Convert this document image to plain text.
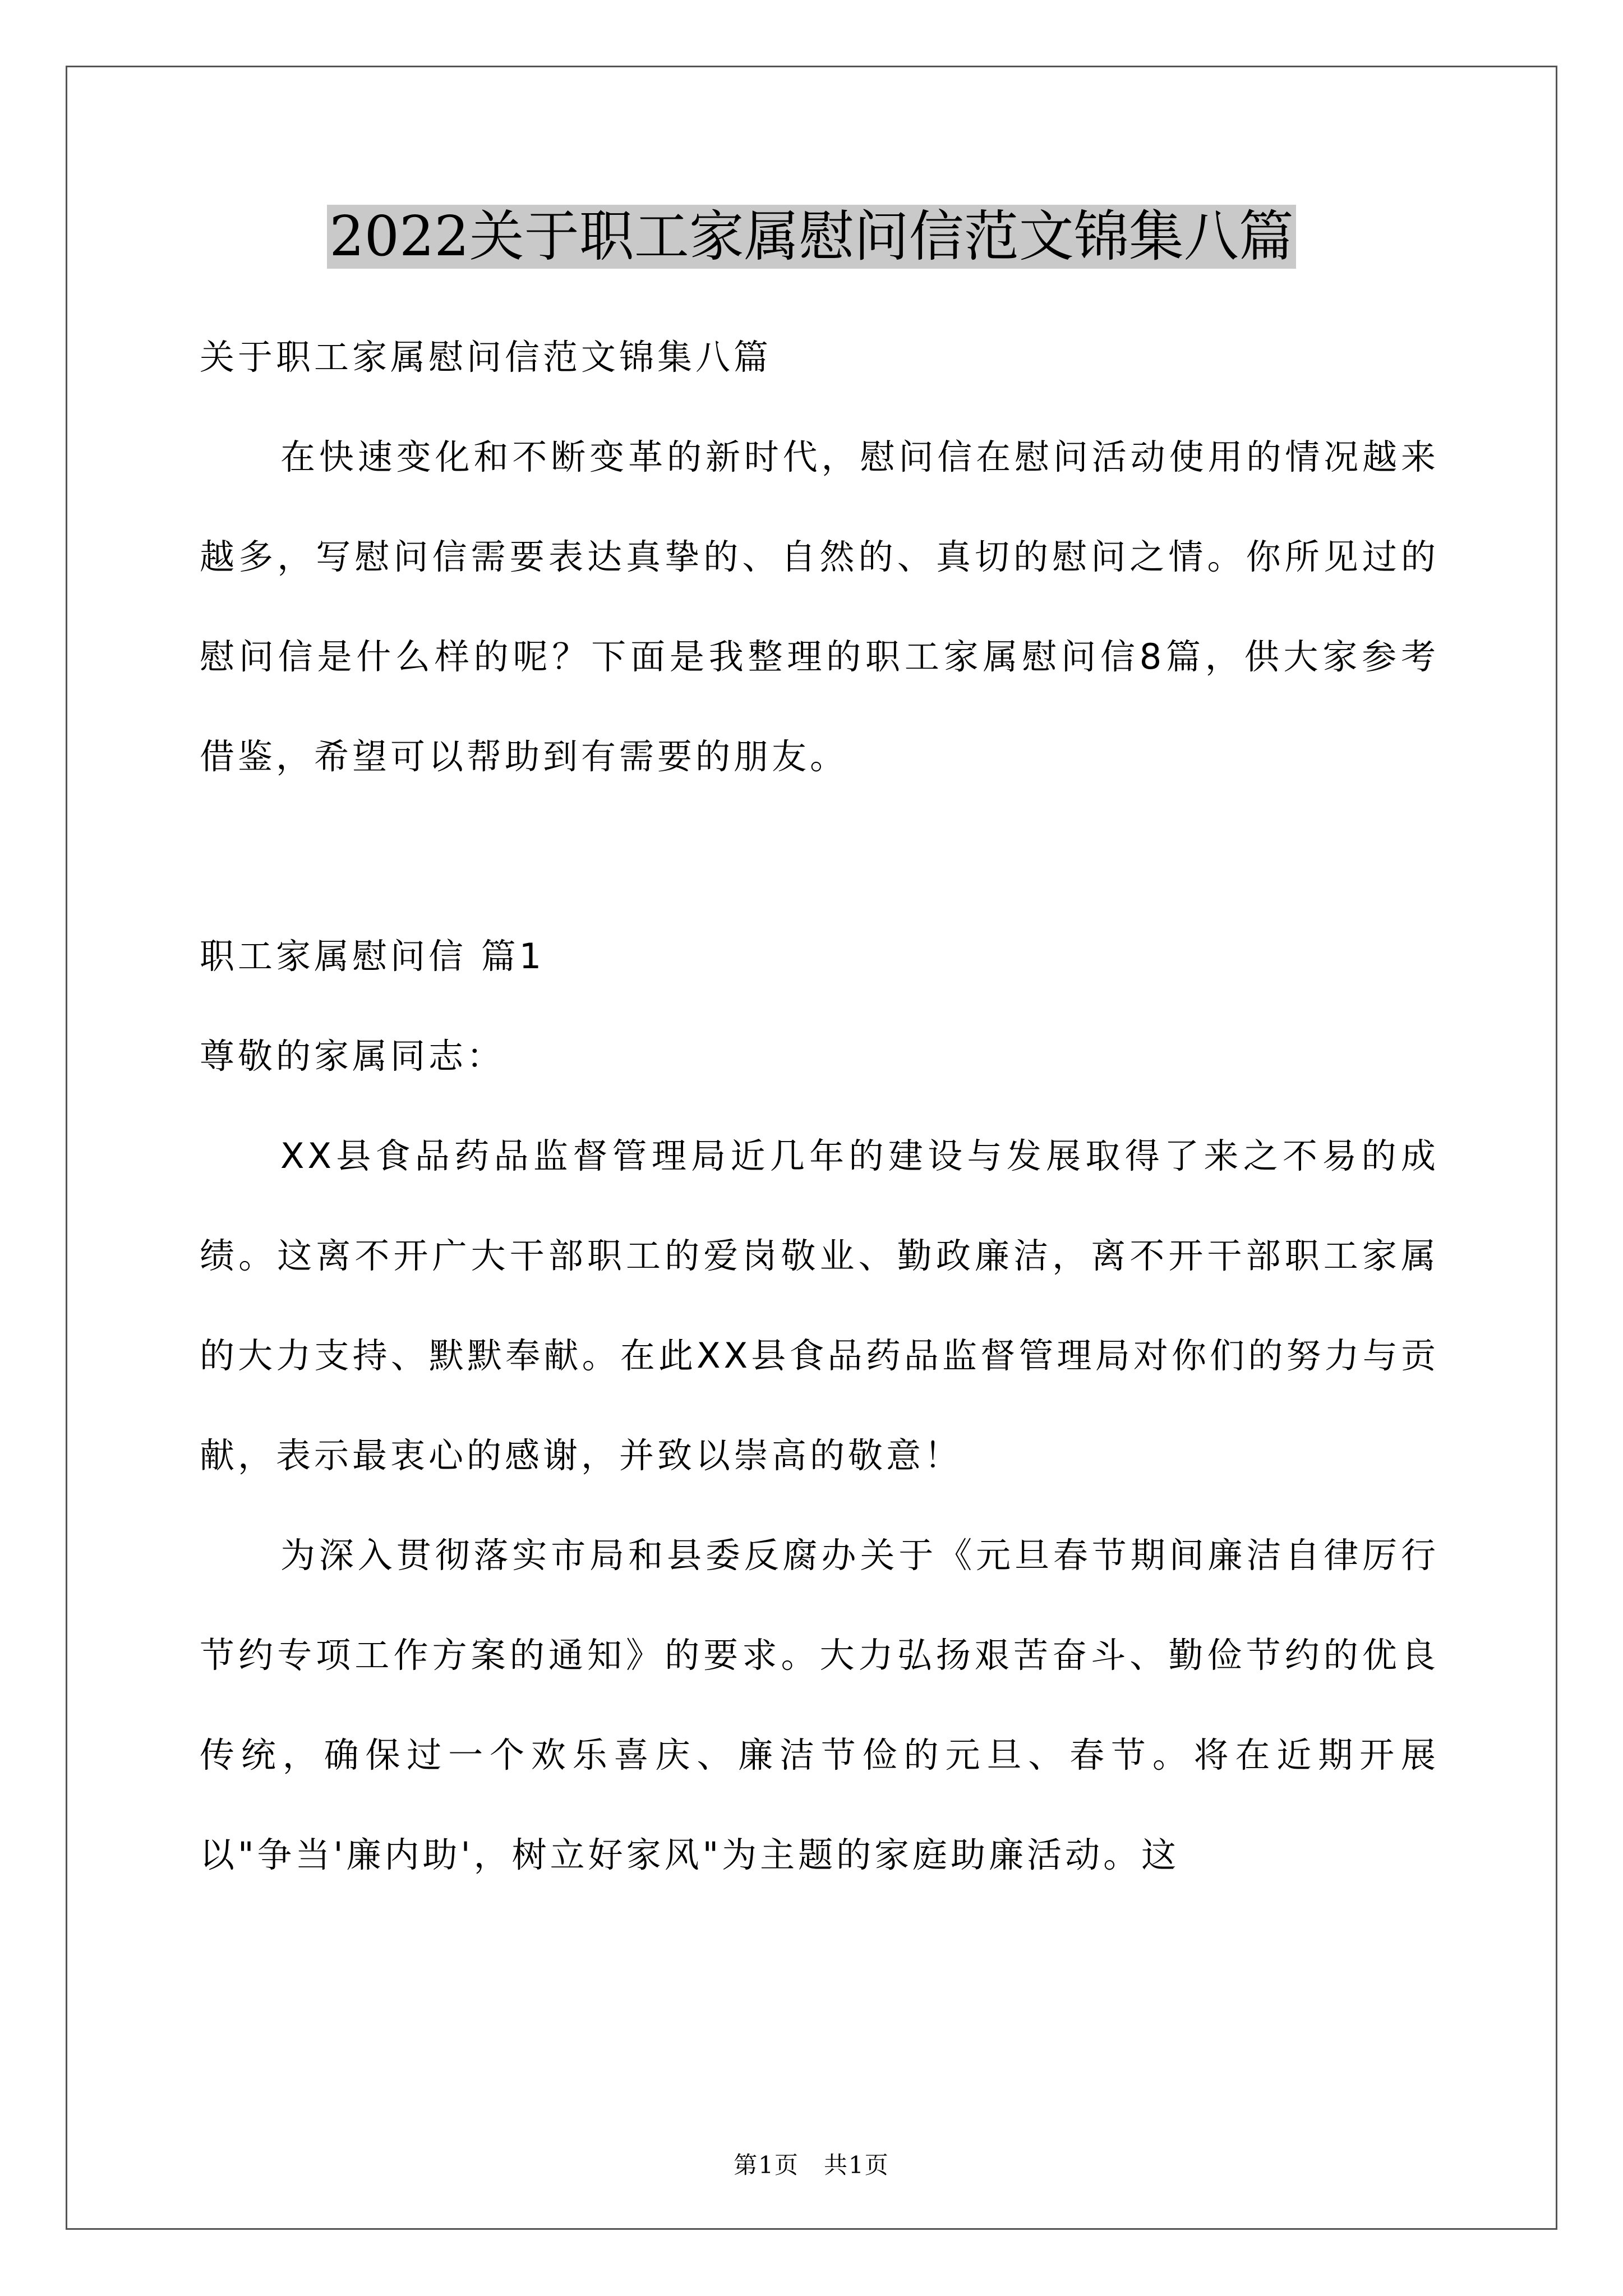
2022关于职工家属慰问信范文锦集八篇

关于职工家属慰问信范文锦集八篇

在快速变化和不断变革的新时代，慰问信在慰问活动使用的情况越来越多，写慰问信需要表达真挚的、自然的、真切的慰问之情。你所见过的慰问信是什么样的呢？下面是我整理的职工家属慰问信8篇，供大家参考借鉴，希望可以帮助到有需要的朋友。

职工家属慰问信 篇1

尊敬的家属同志：

XX县食品药品监督管理局近几年的建设与发展取得了来之不易的成绩。这离不开广大干部职工的爱岗敬业、勤政廉洁，离不开干部职工家属的大力支持、默默奉献。在此XX县食品药品监督管理局对你们的努力与贡献，表示最衷心的感谢，并致以崇高的敬意！

为深入贯彻落实市局和县委反腐办关于《元旦春节期间廉洁自律厉行节约专项工作方案的通知》的要求。大力弘扬艰苦奋斗、勤俭节约的优良传统，确保过一个欢乐喜庆、廉洁节俭的元旦、春节。将在近期开展以"争当'廉内助'，树立好家风"为主题的家庭助廉活动。这

第1页　共1页
